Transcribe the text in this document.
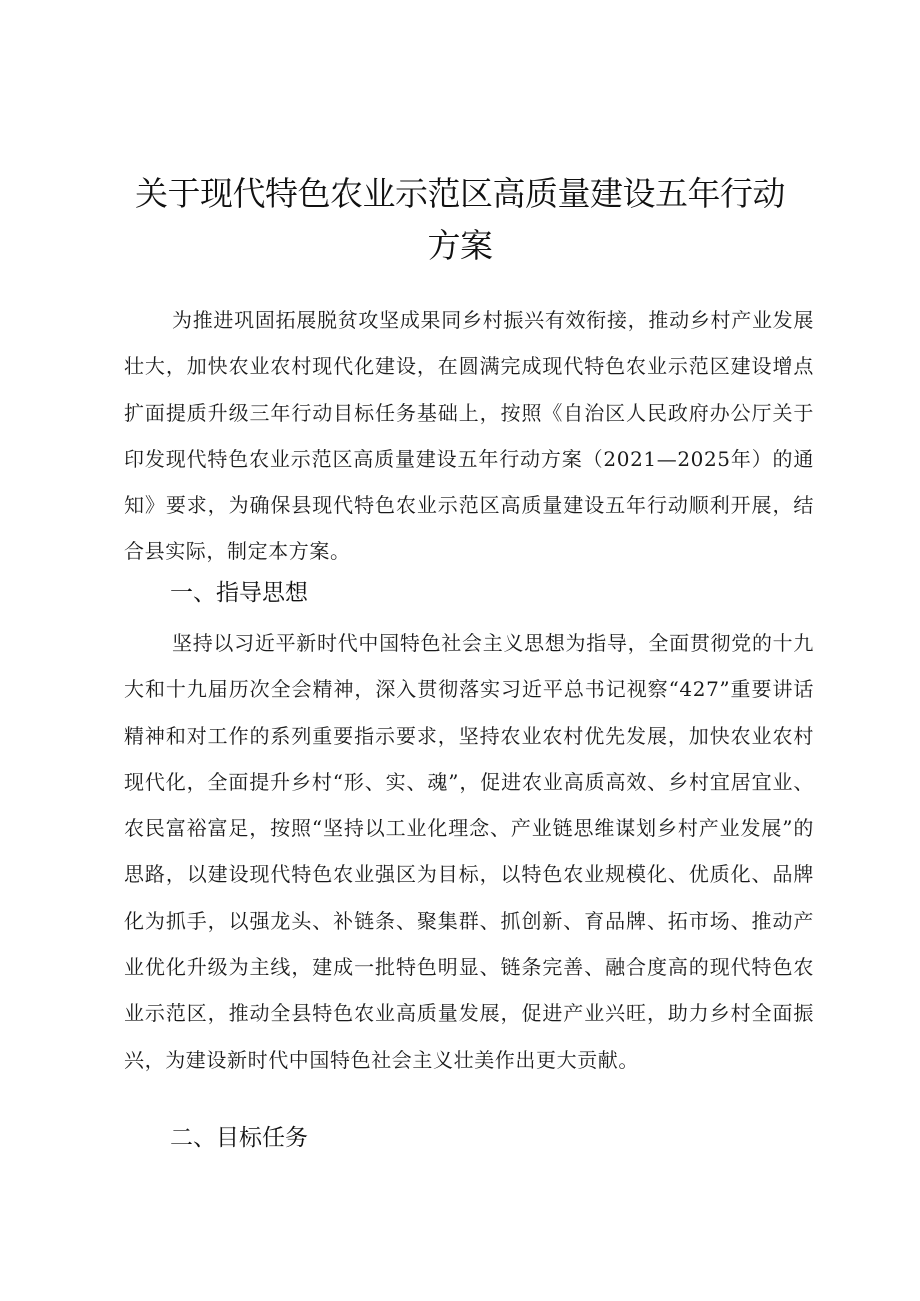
关于现代特色农业示范区高质量建设五年行动方案

为推进巩固拓展脱贫攻坚成果同乡村振兴有效衔接，推动乡村产业发展壮大，加快农业农村现代化建设，在圆满完成现代特色农业示范区建设增点扩面提质升级三年行动目标任务基础上，按照《自治区人民政府办公厅关于印发现代特色农业示范区高质量建设五年行动方案（2021—2025年）的通知》要求，为确保县现代特色农业示范区高质量建设五年行动顺利开展，结合县实际，制定本方案。

一、指导思想

坚持以习近平新时代中国特色社会主义思想为指导，全面贯彻党的十九大和十九届历次全会精神，深入贯彻落实习近平总书记视察“427”重要讲话精神和对工作的系列重要指示要求，坚持农业农村优先发展，加快农业农村现代化，全面提升乡村“形、实、魂”，促进农业高质高效、乡村宜居宜业、农民富裕富足，按照“坚持以工业化理念、产业链思维谋划乡村产业发展”的思路，以建设现代特色农业强区为目标，以特色农业规模化、优质化、品牌化为抓手，以强龙头、补链条、聚集群、抓创新、育品牌、拓市场、推动产业优化升级为主线，建成一批特色明显、链条完善、融合度高的现代特色农业示范区，推动全县特色农业高质量发展，促进产业兴旺，助力乡村全面振兴，为建设新时代中国特色社会主义壮美作出更大贡献。

二、目标任务
